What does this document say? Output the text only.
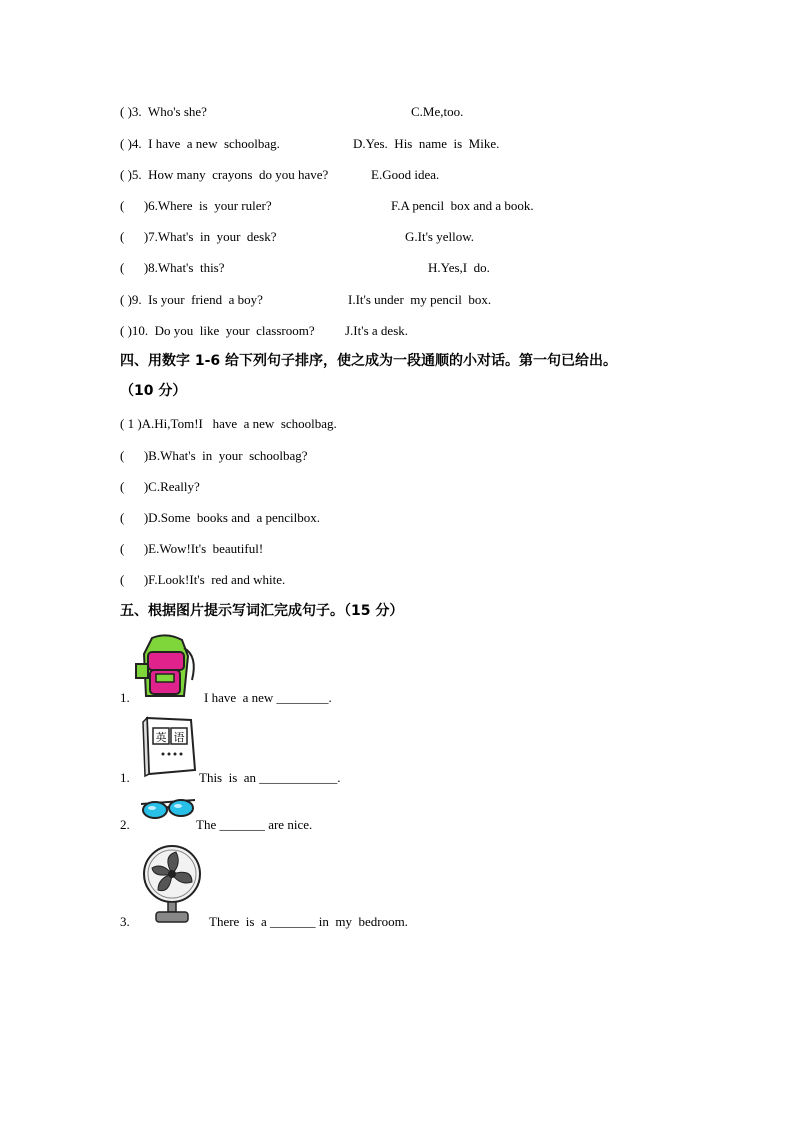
( )3.  Who's she?	C.Me,too.
( )4.  I have  a new  schoolbag.	D.Yes.  His  name  is  Mike.
( )5.  How many  crayons  do you have?	E.Good idea.
(      )6.Where  is  your ruler?	F.A pencil  box and a book.
(      )7.What's  in  your  desk?	G.It's yellow.
(      )8.What's  this?	H.Yes,I  do.
( )9.  Is your  friend  a boy?	I.It's under  my pencil  box.
( )10.  Do you  like  your  classroom? J.It's a desk.
四、用数字 1-6 给下列句子排序，使之成为一段通顺的小对话。第一句已给出。
（10 分）
( 1 )A.Hi,Tom!I   have  a new  schoolbag.
(      )B.What's  in  your  schoolbag?
(      )C.Really?
(      )D.Some  books and  a pencilbox.
(      )E.Wow!It's  beautiful!
(      )F.Look!It's  red and white.
五、根据图片提示写词汇完成句子。（15 分）
1.	I have  a new ________.
英 语
1.	This  is  an ____________.
2.	The _______ are nice.
3.	There  is  a _______ in  my  bedroom.
